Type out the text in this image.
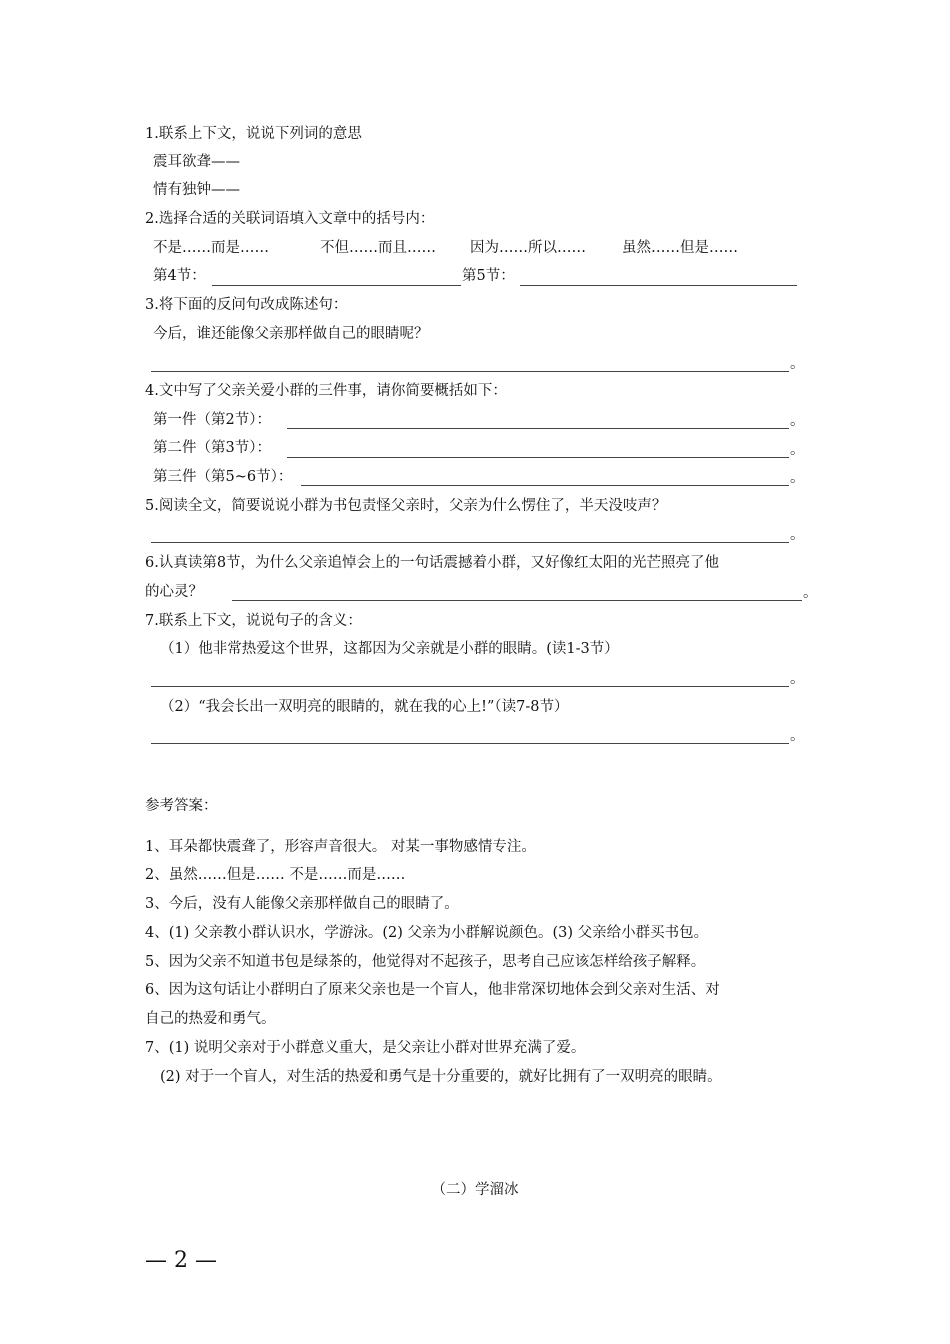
1.联系上下文，说说下列词的意思
震耳欲聋——
情有独钟——
2.选择合适的关联词语填入文章中的括号内：
不是……而是……	不但……而且…… 因为……所以…… 虽然……但是……
第4节：	第5节：
3.将下面的反问句改成陈述句：
今后，谁还能像父亲那样做自己的眼睛呢？
。
4.文中写了父亲关爱小群的三件事，请你简要概括如下：
第一件（第2节）：	。
第二件（第3节）：	。
第三件（第5~6节）：	。
5.阅读全文，简要说说小群为书包责怪父亲时，父亲为什么愣住了，半天没吱声？
。
6.认真读第8节，为什么父亲追悼会上的一句话震撼着小群，又好像红太阳的光芒照亮了他
的心灵？	。
7.联系上下文，说说句子的含义：
（1）他非常热爱这个世界，这都因为父亲就是小群的眼睛。(读1-3节）
。
（2）“我会长出一双明亮的眼睛的，就在我的心上!”（读7-8节）
。
参考答案：
1、耳朵都快震聋了，形容声音很大。 对某一事物感情专注。
2、虽然……但是…… 不是……而是……
3、今后，没有人能像父亲那样做自己的眼睛了。
4、(1) 父亲教小群认识水，学游泳。(2) 父亲为小群解说颜色。(3) 父亲给小群买书包。
5、因为父亲不知道书包是绿茶的，他觉得对不起孩子，思考自己应该怎样给孩子解释。
6、因为这句话让小群明白了原来父亲也是一个盲人，他非常深切地体会到父亲对生活、对
自己的热爱和勇气。
7、(1) 说明父亲对于小群意义重大，是父亲让小群对世界充满了爱。
(2) 对于一个盲人，对生活的热爱和勇气是十分重要的，就好比拥有了一双明亮的眼睛。
（二）学溜冰
— 2 —
